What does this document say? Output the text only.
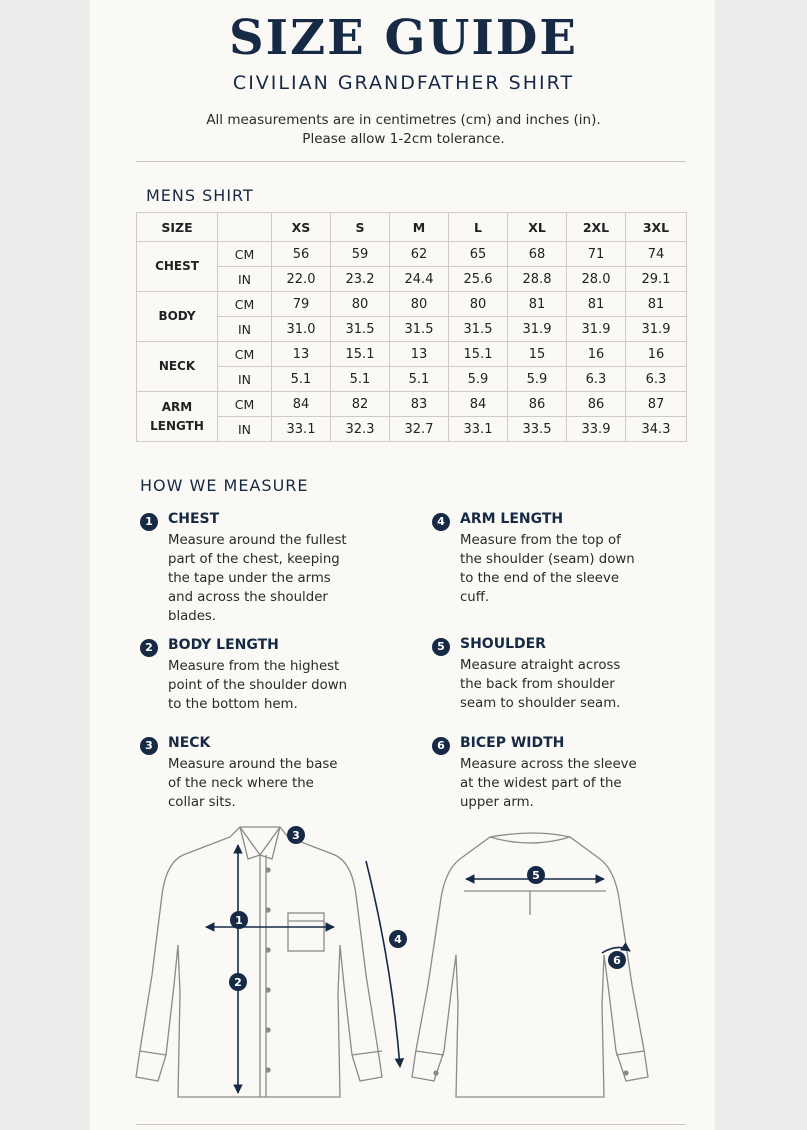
SIZE GUIDE
CIVILIAN GRANDFATHER SHIRT
All measurements are in centimetres (cm) and inches (in).
Please allow 1-2cm tolerance.
MENS SHIRT
SIZE		XS	S	M	L	XL	2XL	3XL

CHEST	CM	56	59	62	65	68	71	74
	IN	22.0	23.2	24.4	25.6	28.8	28.0	29.1

BODY	CM	79	80	80	80	81	81	81
	IN	31.0	31.5	31.5	31.5	31.9	31.9	31.9

NECK	CM	13	15.1	13	15.1	15	16	16
	IN	5.1	5.1	5.1	5.9	5.9	6.3	6.3

ARM
LENGTH	CM	84	82	83	84	86	86	87
	IN	33.1	32.3	32.7	33.1	33.5	33.9	34.3
HOW WE MEASURE
1	CHEST
Measure around the fullest
part of the chest, keeping
the tape under the arms
and across the shoulder
blades.
2	BODY LENGTH
Measure from the highest
point of the shoulder down
to the bottom hem.
3	NECK
Measure around the base
of the neck where the
collar sits.
4	ARM LENGTH
Measure from the top of
the shoulder (seam) down
to the end of the sleeve
cuff.
5	SHOULDER
Measure atraight across
the back from shoulder
seam to shoulder seam.
6	BICEP WIDTH
Measure across the sleeve
at the widest part of the
upper arm.
1
2
3
4
5
6
